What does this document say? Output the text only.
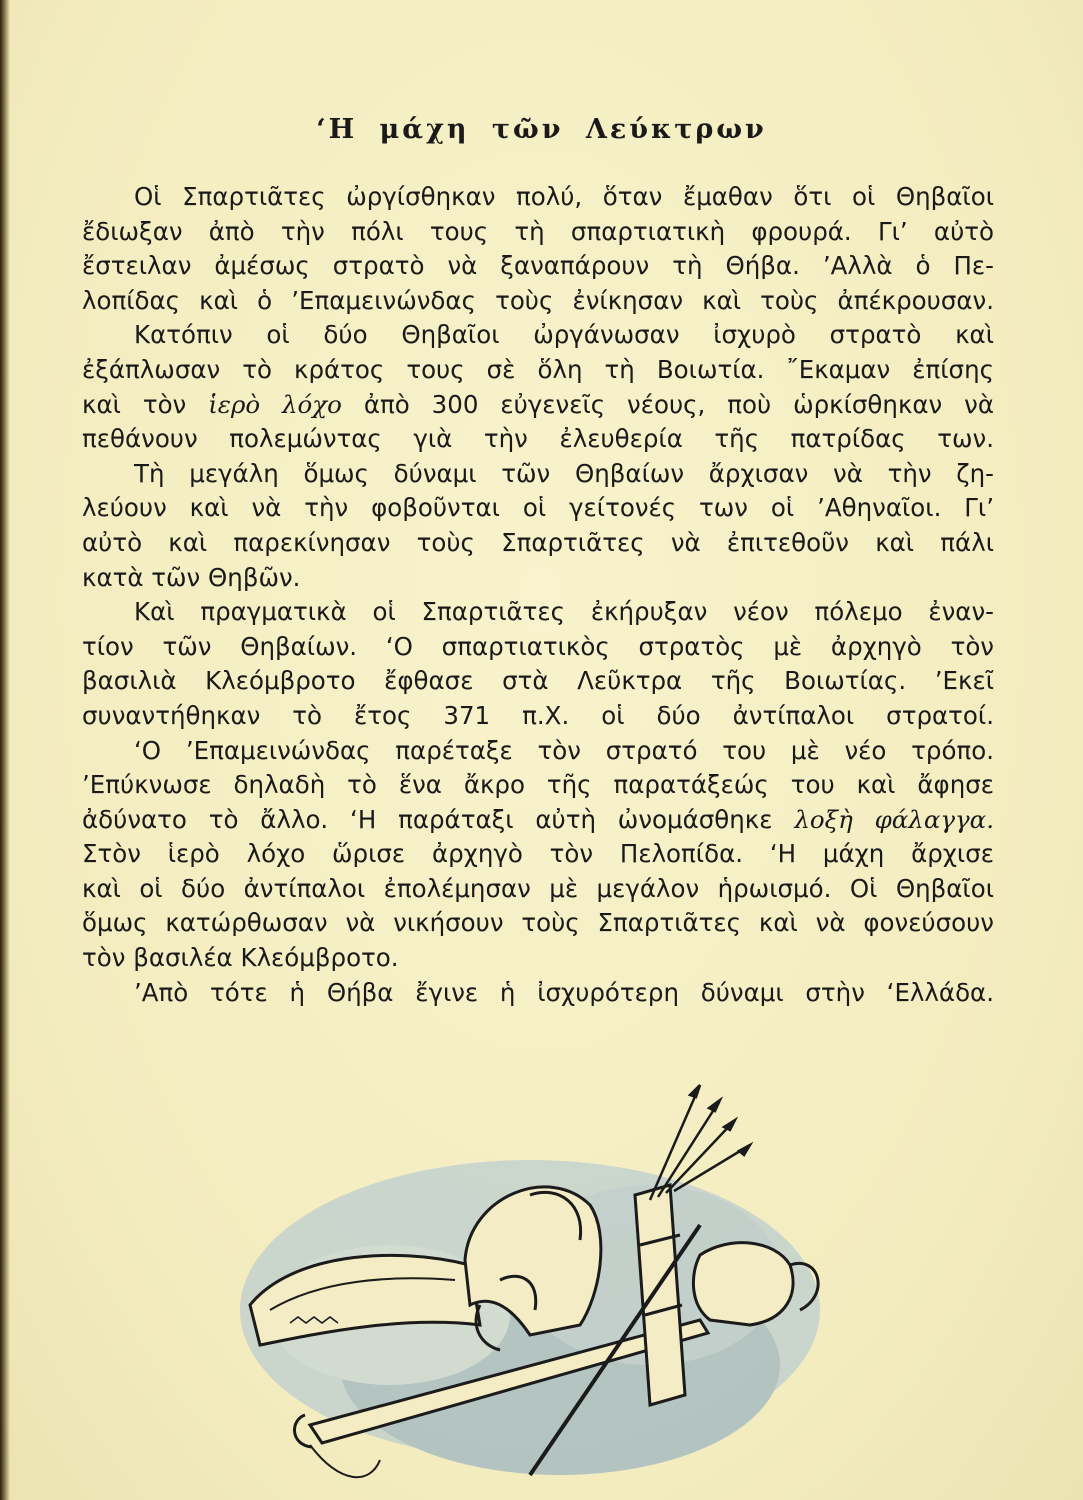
‘Η μάχη τῶν Λεύκτρων
Οἱ Σπαρτιᾶτες ὠργίσθηκαν πολύ, ὅταν ἔμαθαν ὅτι οἱ Θηβαῖοι
ἔδιωξαν ἀπὸ τὴν πόλι τους τὴ σπαρτιατικὴ φρουρά. Γι’ αὐτὸ
ἔστειλαν ἀμέσως στρατὸ νὰ ξαναπάρουν τὴ Θήβα. ’Αλλὰ ὁ Πε-
λοπίδας καὶ ὁ ’Επαμεινώνδας τοὺς ἐνίκησαν καὶ τοὺς ἀπέκρουσαν.
Κατόπιν οἱ δύο Θηβαῖοι ὠργάνωσαν ἰσχυρὸ στρατὸ καὶ
ἐξάπλωσαν τὸ κράτος τους σὲ ὅλη τὴ Βοιωτία. ῎Εκαμαν ἐπίσης
καὶ τὸν ἱερὸ λόχο ἀπὸ 300 εὐγενεῖς νέους, ποὺ ὡρκίσθηκαν νὰ
πεθάνουν πολεμώντας γιὰ τὴν ἐλευθερία τῆς πατρίδας των.
Τὴ μεγάλη ὅμως δύναμι τῶν Θηβαίων ἄρχισαν νὰ τὴν ζη-
λεύουν καὶ νὰ τὴν φοβοῦνται οἱ γείτονές των οἱ ’Αθηναῖοι. Γι’
αὐτὸ καὶ παρεκίνησαν τοὺς Σπαρτιᾶτες νὰ ἐπιτεθοῦν καὶ πάλι
κατὰ τῶν Θηβῶν.
Καὶ πραγματικὰ οἱ Σπαρτιᾶτες ἐκήρυξαν νέον πόλεμο ἐναν-
τίον τῶν Θηβαίων. ‘Ο σπαρτιατικὸς στρατὸς μὲ ἀρχηγὸ τὸν
βασιλιὰ Κλεόμβροτο ἔφθασε στὰ Λεῦκτρα τῆς Βοιωτίας. ’Εκεῖ
συναντήθηκαν τὸ ἔτος 371 π.Χ. οἱ δύο ἀντίπαλοι στρατοί.
‘Ο ’Επαμεινώνδας παρέταξε τὸν στρατό του μὲ νέο τρόπο.
’Επύκνωσε δηλαδὴ τὸ ἕνα ἄκρο τῆς παρατάξεώς του καὶ ἄφησε
ἀδύνατο τὸ ἄλλο. ‘Η παράταξι αὐτὴ ὠνομάσθηκε λοξὴ φάλαγγα.
Στὸν ἱερὸ λόχο ὥρισε ἀρχηγὸ τὸν Πελοπίδα. ‘Η μάχη ἄρχισε
καὶ οἱ δύο ἀντίπαλοι ἐπολέμησαν μὲ μεγάλον ἡρωισμό. Οἱ Θηβαῖοι
ὅμως κατώρθωσαν νὰ νικήσουν τοὺς Σπαρτιᾶτες καὶ νὰ φονεύσουν
τὸν βασιλέα Κλεόμβροτο.
’Απὸ τότε ἡ Θήβα ἔγινε ἡ ἰσχυρότερη δύναμι στὴν ‘Ελλάδα.
